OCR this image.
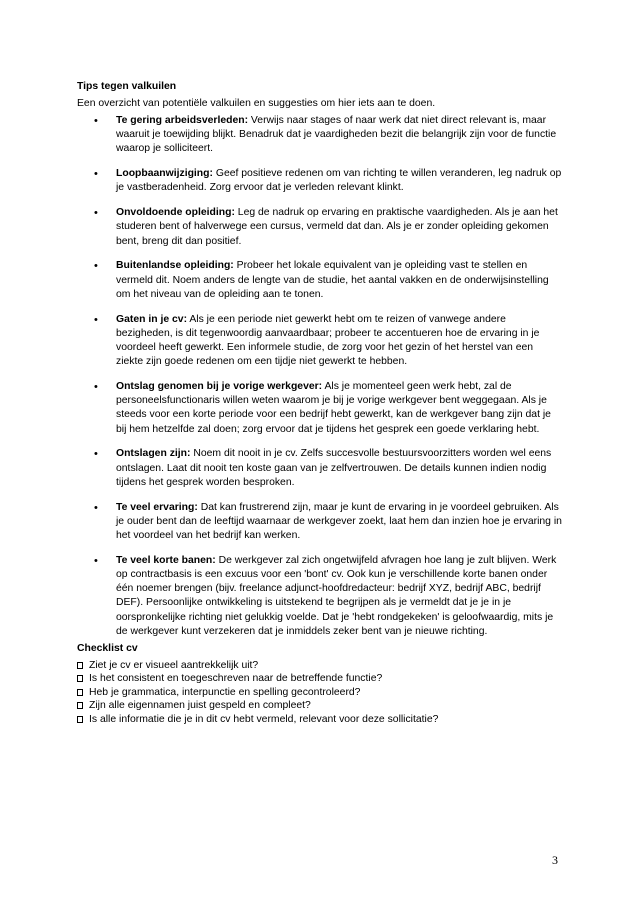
Tips tegen valkuilen
Een overzicht van potentiële valkuilen en suggesties om hier iets aan te doen.
• Te gering arbeidsverleden: Verwijs naar stages of naar werk dat niet direct relevant is, maar waaruit je toewijding blijkt. Benadruk dat je vaardigheden bezit die belangrijk zijn voor de functie waarop je solliciteert.
• Loopbaanwijziging: Geef positieve redenen om van richting te willen veranderen, leg nadruk op je vastberadenheid. Zorg ervoor dat je verleden relevant klinkt.
• Onvoldoende opleiding: Leg de nadruk op ervaring en praktische vaardigheden. Als je aan het studeren bent of halverwege een cursus, vermeld dat dan. Als je er zonder opleiding gekomen bent, breng dit dan positief.
• Buitenlandse opleiding: Probeer het lokale equivalent van je opleiding vast te stellen en vermeld dit. Noem anders de lengte van de studie, het aantal vakken en de onderwijsinstelling om het niveau van de opleiding aan te tonen.
• Gaten in je cv: Als je een periode niet gewerkt hebt om te reizen of vanwege andere bezigheden, is dit tegenwoordig aanvaardbaar; probeer te accentueren hoe de ervaring in je voordeel heeft gewerkt. Een informele studie, de zorg voor het gezin of het herstel van een ziekte zijn goede redenen om een tijdje niet gewerkt te hebben.
• Ontslag genomen bij je vorige werkgever: Als je momenteel geen werk hebt, zal de personeelsfunctionaris willen weten waarom je bij je vorige werkgever bent weggegaan. Als je steeds voor een korte periode voor een bedrijf hebt gewerkt, kan de werkgever bang zijn dat je bij hem hetzelfde zal doen; zorg ervoor dat je tijdens het gesprek een goede verklaring hebt.
• Ontslagen zijn: Noem dit nooit in je cv. Zelfs succesvolle bestuursvoorzitters worden wel eens ontslagen. Laat dit nooit ten koste gaan van je zelfvertrouwen. De details kunnen indien nodig tijdens het gesprek worden besproken.
• Te veel ervaring: Dat kan frustrerend zijn, maar je kunt de ervaring in je voordeel gebruiken. Als je ouder bent dan de leeftijd waarnaar de werkgever zoekt, laat hem dan inzien hoe je ervaring in het voordeel van het bedrijf kan werken.
• Te veel korte banen: De werkgever zal zich ongetwijfeld afvragen hoe lang je zult blijven. Werk op contractbasis is een excuus voor een 'bont' cv. Ook kun je verschillende korte banen onder één noemer brengen (bijv. freelance adjunct-hoofdredacteur: bedrijf XYZ, bedrijf ABC, bedrijf DEF). Persoonlijke ontwikkeling is uitstekend te begrijpen als je vermeldt dat je je in je oorspronkelijke richting niet gelukkig voelde. Dat je 'hebt rondgekeken' is geloofwaardig, mits je de werkgever kunt verzekeren dat je inmiddels zeker bent van je nieuwe richting.
Checklist cv
Ziet je cv er visueel aantrekkelijk uit?
Is het consistent en toegeschreven naar de betreffende functie?
Heb je grammatica, interpunctie en spelling gecontroleerd?
Zijn alle eigennamen juist gespeld en compleet?
Is alle informatie die je in dit cv hebt vermeld, relevant voor deze sollicitatie?
3
